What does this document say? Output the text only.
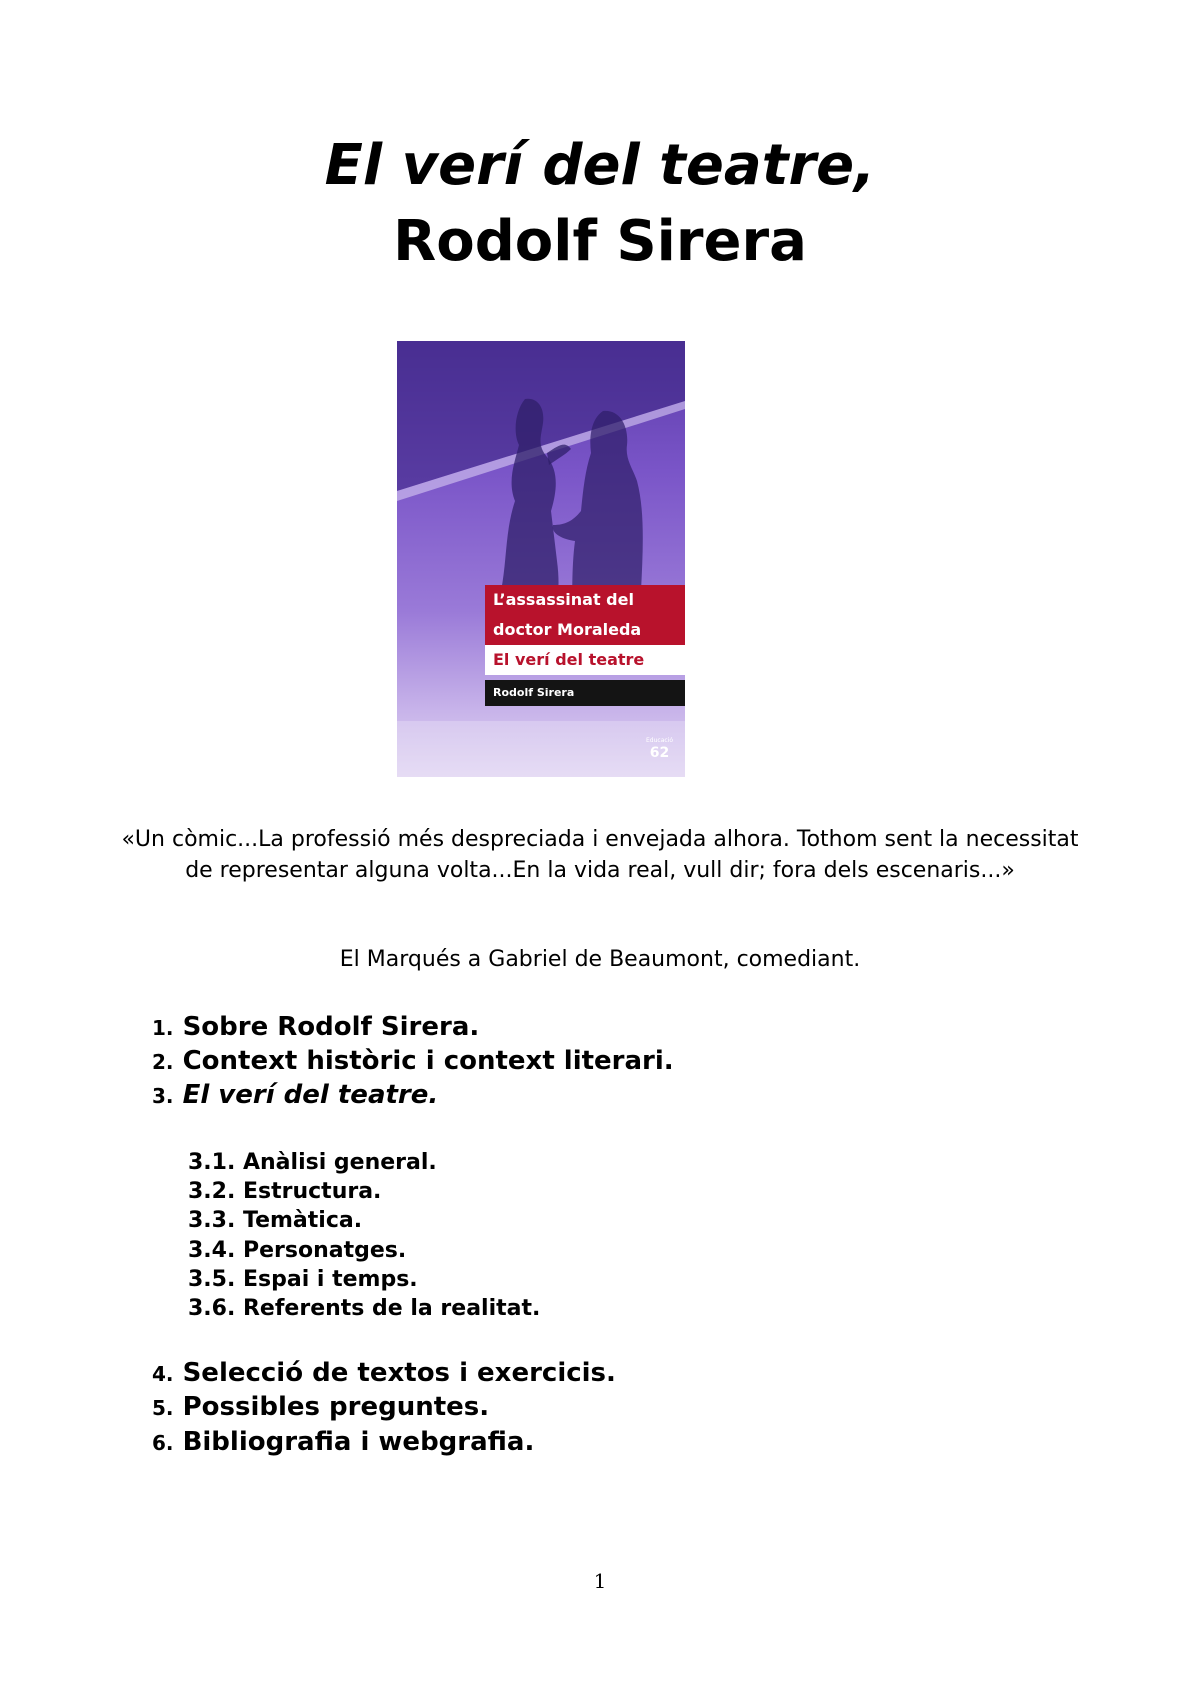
El verí del teatre,
Rodolf Sirera
L’assassinat del
doctor Moraleda
El verí del teatre
Rodolf Sirera
Educació
62

«Un còmic...La professió més despreciada i envejada alhora. Tothom sent la necessitat de representar alguna volta...En la vida real, vull dir; fora dels escenaris...»

El Marqués a Gabriel de Beaumont, comediant.

1. Sobre Rodolf Sirera.
2. Context històric i context literari.
3. El verí del teatre.
3.1. Anàlisi general.
3.2. Estructura.
3.3. Temàtica.
3.4. Personatges.
3.5. Espai i temps.
3.6. Referents de la realitat.
4. Selecció de textos i exercicis.
5. Possibles preguntes.
6. Bibliografia i webgrafia.
1
